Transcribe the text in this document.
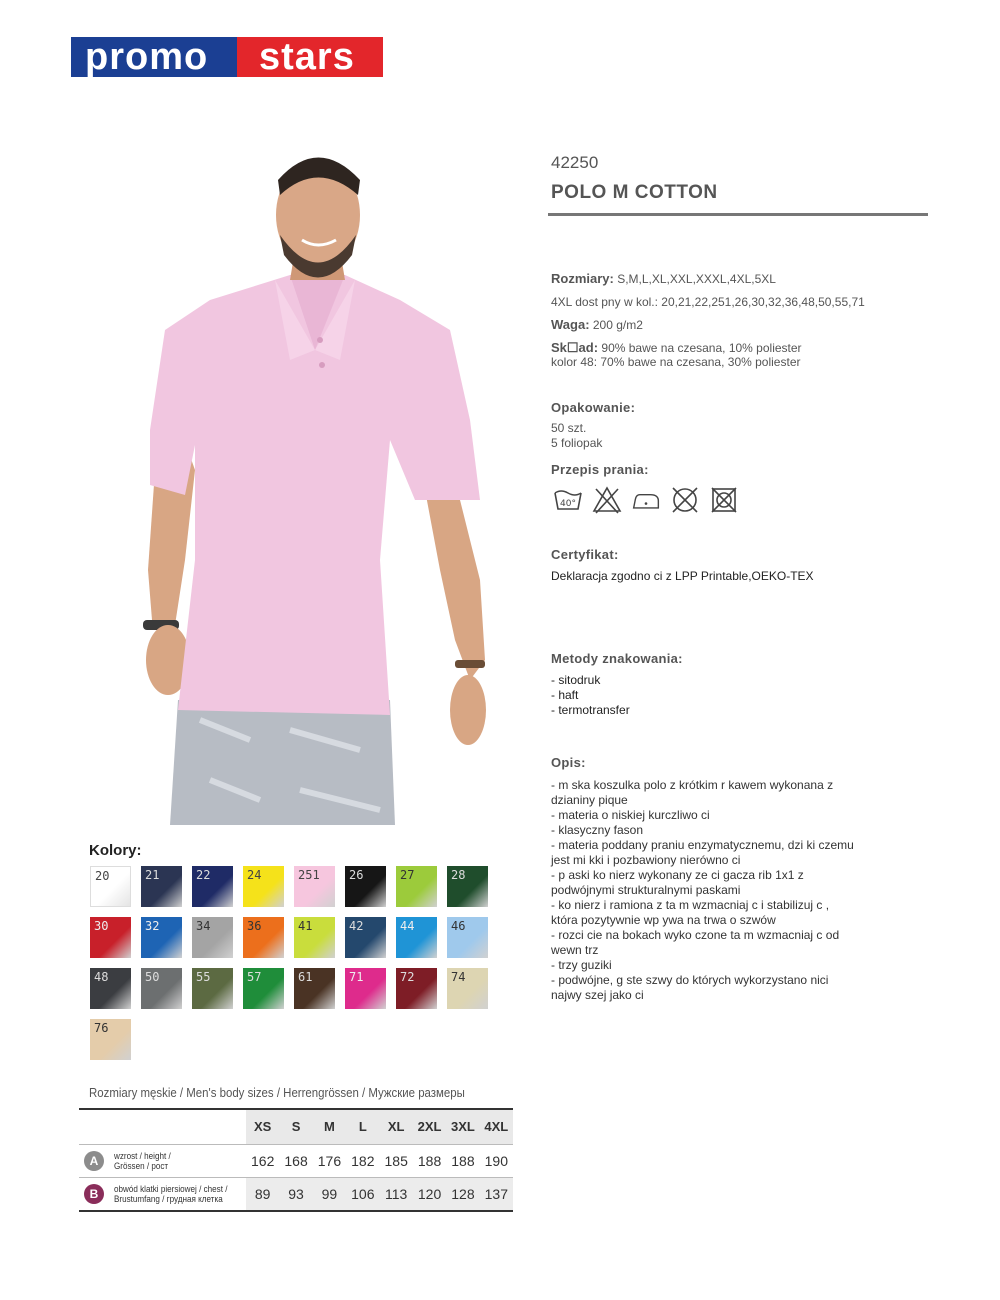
promo	stars
42250
POLO M COTTON
Rozmiary: S,M,L,XL,XXL,XXXL,4XL,5XL
4XL dost pny w kol.: 20,21,22,251,26,30,32,36,48,50,55,71
Waga: 200 g/m2
Sk☐ad: 90% bawe na czesana, 10% poliester
kolor 48: 70% bawe na czesana, 30% poliester
Opakowanie:
50 szt.
5 foliopak
Przepis prania:
40°
Certyfikat:
Deklaracja zgodno ci z LPP Printable,OEKO-TEX
Metody znakowania:
- sitodruk
- haft
- termotransfer
Opis:
- m ska koszulka polo z krótkim r kawem wykonana z
dzianiny pique
- materia o niskiej kurczliwo ci
- klasyczny fason
- materia poddany praniu enzymatycznemu, dzi ki czemu
jest mi kki i pozbawiony nierówno ci
- p aski ko nierz wykonany ze ci gacza rib 1x1 z
podwójnymi strukturalnymi paskami
- ko nierz i ramiona z ta m wzmacniaj c i stabilizuj c ,
która pozytywnie wp ywa na trwa o szwów
- rozci cie na bokach wyko czone ta m wzmacniaj c od
wewn trz
- trzy guziki
- podwójne, g ste szwy do których wykorzystano nici
najwy szej jako ci
Kolory:
20	21	22	24	251 26	27	28
30	32	34	36	41	42	44	46
48	50	55	57	61	71	72	74
76
Rozmiary męskie / Men's body sizes / Herrengrössen / Мужские размеры
XS	S	M	L	XL	2XL 3XL 4XL
A	wzrost / height /
Grössen / рост	162 168 176 182 185 188 188 190
B	obwód klatki piersiowej / chest /
Brustumfang / грудная клетка	89	93	99 106 113 120 128 137
